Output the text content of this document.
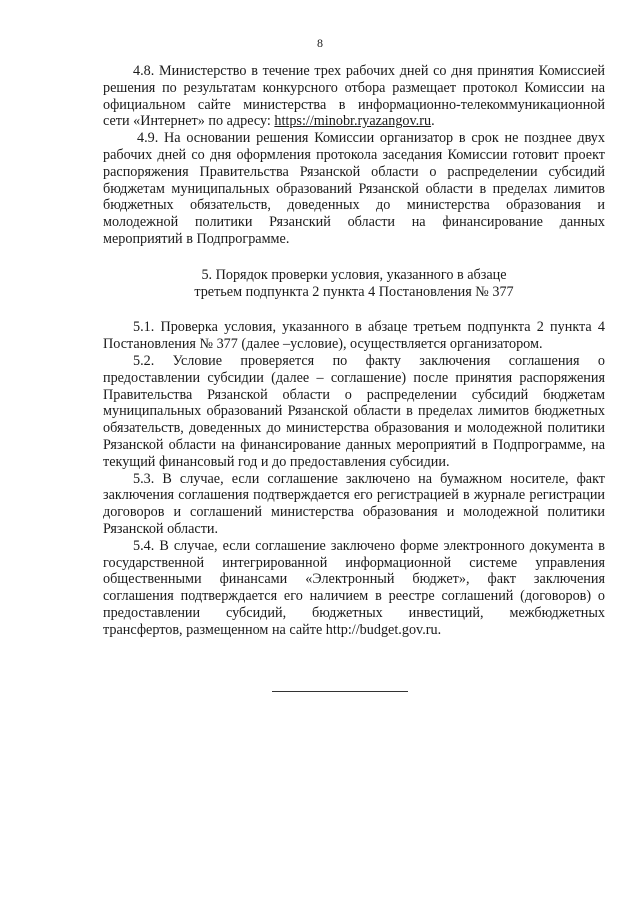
8

4.8. Министерство в течение трех рабочих дней со дня принятия Комиссией

решения по результатам конкурсного отбора размещает протокол Комиссии на

официальном сайте министерства в информационно-телекоммуникационной

сети «Интернет» по адресу: https://minobr.ryazangov.ru.

4.9. На основании решения Комиссии организатор в срок не позднее двух

рабочих дней со дня оформления протокола заседания Комиссии готовит проект

распоряжения Правительства Рязанской области о распределении субсидий

бюджетам муниципальных образований Рязанской области в пределах лимитов

бюджетных обязательств, доведенных до министерства образования и

молодежной политики Рязанский области на финансирование данных

мероприятий в Подпрограмме.

5. Порядок проверки условия, указанного в абзаце

третьем подпункта 2 пункта 4 Постановления № 377

5.1. Проверка условия, указанного в абзаце третьем подпункта 2 пункта 4

Постановления № 377 (далее –условие), осуществляется организатором.

5.2. Условие проверяется по факту заключения соглашения о

предоставлении субсидии (далее – соглашение) после принятия распоряжения

Правительства Рязанской области о распределении субсидий бюджетам

муниципальных образований Рязанской области в пределах лимитов бюджетных

обязательств, доведенных до министерства образования и молодежной политики

Рязанской области на финансирование данных мероприятий в Подпрограмме, на

текущий финансовый год и до предоставления субсидии.

5.3. В случае, если соглашение заключено на бумажном носителе, факт

заключения соглашения подтверждается его регистрацией в журнале регистрации

договоров и соглашений министерства образования и молодежной политики

Рязанской области.

5.4. В случае, если соглашение заключено форме электронного документа в

государственной интегрированной информационной системе управления

общественными финансами «Электронный бюджет», факт заключения

соглашения подтверждается его наличием в реестре соглашений (договоров) о

предоставлении субсидий, бюджетных инвестиций, межбюджетных

трансфертов, размещенном на сайте http://budget.gov.ru.
